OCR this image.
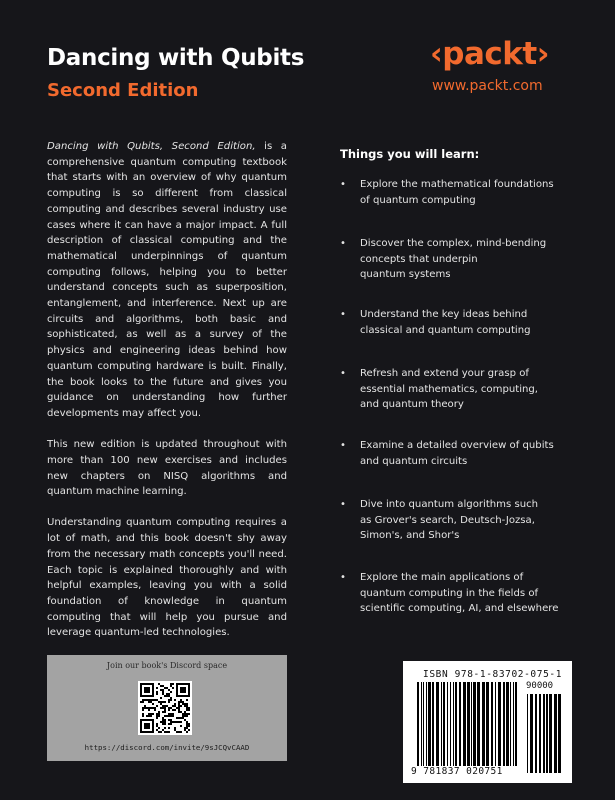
Dancing with Qubits
Second Edition
‹packt›
www.packt.com

Dancing with Qubits, Second Edition, is a comprehensive quantum computing textbook that starts with an overview of why quantum computing is so different from classical computing and describes several industry use cases where it can have a major impact. A full description of classical computing and the mathematical underpinnings of quantum computing follows, helping you to better understand concepts such as superposition, entanglement, and interference. Next up are circuits and algorithms, both basic and sophisticated, as well as a survey of the physics and engineering ideas behind how quantum computing hardware is built. Finally, the book looks to the future and gives you guidance on understanding how further developments may affect you.

This new edition is updated throughout with more than 100 new exercises and includes new chapters on NISQ algorithms and quantum machine learning.

Understanding quantum computing requires a lot of math, and this book doesn't shy away from the necessary math concepts you'll need. Each topic is explained thoroughly and with helpful examples, leaving you with a solid foundation of knowledge in quantum computing that will help you pursue and leverage quantum-led technologies.

Things you will learn:
• Explore the mathematical foundations
of quantum computing
• Discover the complex, mind-bending
concepts that underpin
quantum systems
• Understand the key ideas behind
classical and quantum computing
• Refresh and extend your grasp of
essential mathematics, computing,
and quantum theory
• Examine a detailed overview of qubits
and quantum circuits
• Dive into quantum algorithms such
as Grover's search, Deutsch-Jozsa,
Simon's, and Shor's
• Explore the main applications of
quantum computing in the fields of
scientific computing, AI, and elsewhere
Join our book's Discord space
https://discord.com/invite/9sJCQvCAAD
ISBN 978-1-83702-075-1
90000
9 781837 020751
